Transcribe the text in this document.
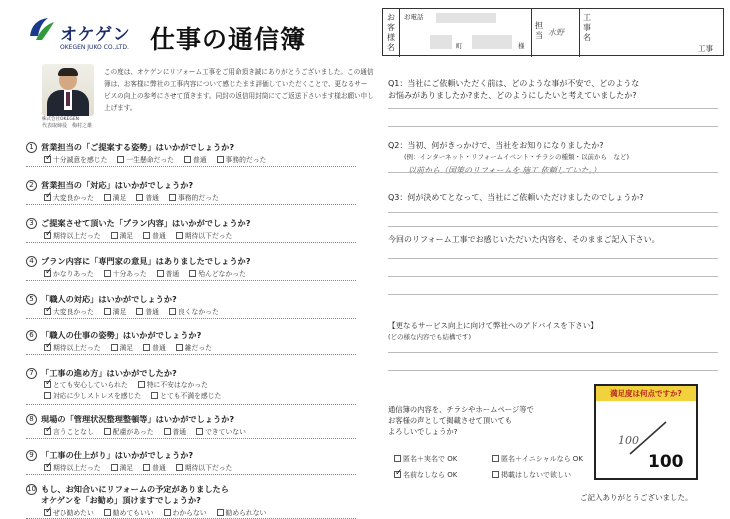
オケゲン
OKEGEN JUKO CO.,LTD. 仕事の通信簿
株式会社OKEGEN
代表取締役　梅村之雄
この度は、オケゲンにリフォーム工事をご用命頂き誠にありがとうございました。この通信簿は、お客様に弊社の工事内容について感じたまま評価していただくことで、更なるサービスの向上の参考にさせて頂きます。同封の返信用封筒にてご返送下さいます様お願い申し上げます。
1 営業担当の「ご提案する姿勢」はいかがでしょうか?
✓十分誠意を感じた	一生懸命だった	普通	事務的だった
2 営業担当の「対応」はいかがでしょうか?
✓大変良かった	満足	普通	事務的だった
3 ご提案させて頂いた「プラン内容」はいかがでしょうか?
✓期待以上だった	満足	普通	期待以下だった
4 プラン内容に「専門家の意見」はありましたでしょうか?
✓かなりあった	十分あった	普通	殆んどなかった
5 「職人の対応」はいかがでしょうか?
✓大変良かった	満足	普通	良くなかった
6 「職人の仕事の姿勢」はいかがでしょうか?
✓期待以上だった	満足	普通	雑だった
7 「工事の進め方」はいかがでしたか?
✓とても安心していられた	特に不安はなかった
対応に少しストレスを感じた	とても不満を感じた
8 現場の「管理状況整理整頓等」はいかがでしょうか?
✓言うことなし	配慮があった	普通	できていない
9 「工事の仕上がり」はいかがでしょうか?
✓期待以上だった	満足	普通	期待以下だった
10 もし、お知合いにリフォームの予定がありましたら
オケゲンを「お勧め」頂けますでしょうか?
✓ぜひ勧めたい	勧めてもいい	わからない	勧められない
お客様名
お電話
町	様
担当 水野
工事名
工事
Q1：当社にご依頼いただく前は、どのような事が不安で、どのような
お悩みがありましたか?また、どのようにしたいと考えていましたか?
Q2：当初、何がきっかけで、当社をお知りになりましたか?
(例：インターネット・リフォームイベント・チラシの種類・以前から　など)
以前から（国策のリフォームを 施工 依頼していた。）
Q3：何が決めてとなって、当社にご依頼いただけましたのでしょうか?
今回のリフォーム工事でお感じいただいた内容を、そのままご記入下さい。
【更なるサービス向上に向けて弊社へのアドバイスを下さい】
(どの様な内容でも結構です)
通信簿の内容を、チラシやホームページ等で
お客様の声として掲載させて頂いても
よろしいでしょうか?
匿名＋実名で OK	匿名＋イニシャルなら OK
✓名前なしなら OK	掲載はしないで欲しい
満足度は何点ですか?
100
100
ご記入ありがとうございました。
